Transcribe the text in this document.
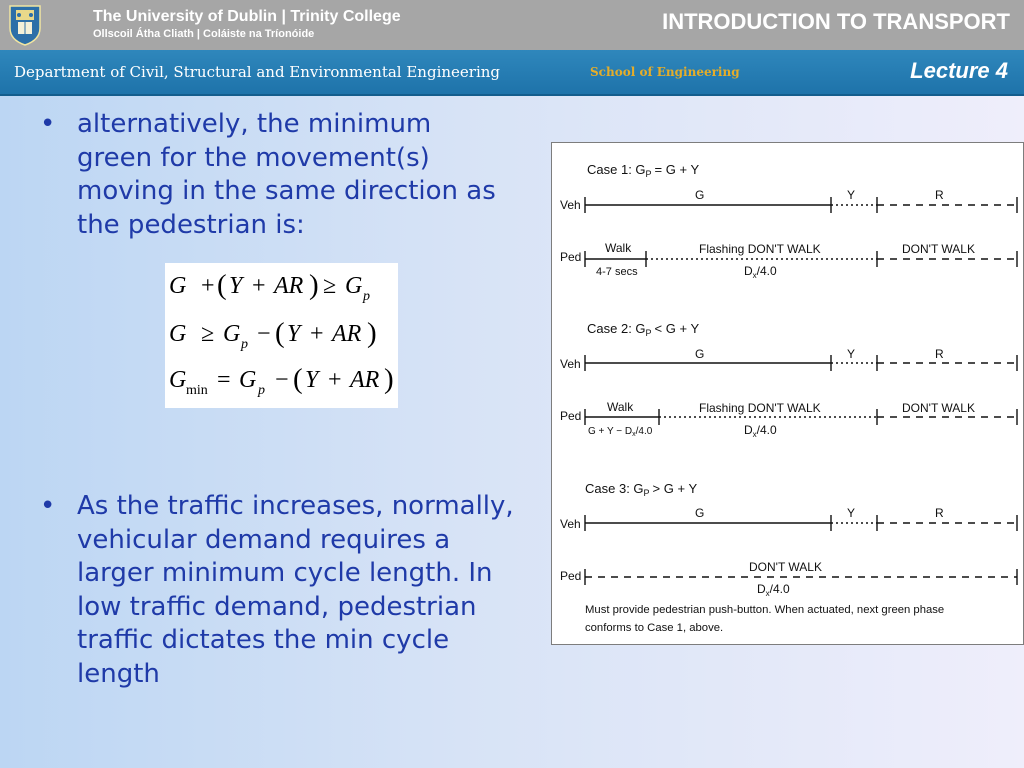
The University of Dublin | Trinity College
Ollscoil Átha Cliath | Coláiste na Tríonóide	INTRODUCTION TO TRANSPORT
Department of Civil, Structural and Environmental Engineering	School of Engineering	Lecture 4
• alternatively, the minimum green for the movement(s) moving in the same direction as the pedestrian is:
• As the traffic increases, normally, vehicular demand requires a larger minimum cycle length. In low traffic demand, pedestrian traffic dictates the min cycle length
G + ( Y + AR ) ≥ G p
G ≥ G p − ( Y + AR )
G min = G p − ( Y + AR )
Case 1: $G_P = G + Y$
Veh
G	Y	R
Ped
Walk
4-7 secs
Flashing DON'T WALK
$D_x/4.0$
DON'T WALK
Case 2: $G_P < G + Y$
Veh
G	Y	R
Ped
Walk
$G + Y - D_x/4.0$
Flashing DON'T WALK
$D_x/4.0$
DON'T WALK
Case 3: $G_P > G + Y$
Veh
G	Y	R
Ped
DON'T WALK
$D_x/4.0$
Must provide pedestrian push-button. When actuated, next green phase
conforms to Case 1, above.
